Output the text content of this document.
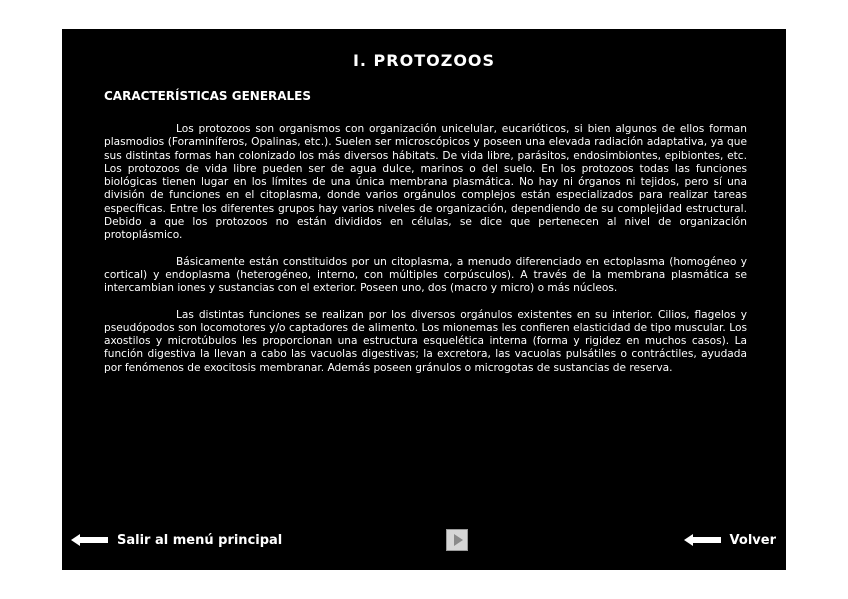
I. PROTOZOOS
CARACTERÍSTICAS GENERALES

Los protozoos son organismos con organización unicelular, eucarióticos, si bien algunos de ellos forman plasmodios (Foraminíferos, Opalinas, etc.). Suelen ser microscópicos y poseen una elevada radiación adaptativa, ya que sus distintas formas han colonizado los más diversos hábitats. De vida libre, parásitos, endosimbiontes, epibiontes, etc. Los protozoos de vida libre pueden ser de agua dulce, marinos o del suelo. En los protozoos todas las funciones biológicas tienen lugar en los límites de una única membrana plasmática. No hay ni órganos ni tejidos, pero sí una división de funciones en el citoplasma, donde varios orgánulos complejos están especializados para realizar tareas específicas. Entre los diferentes grupos hay varios niveles de organización, dependiendo de su complejidad estructural. Debido a que los protozoos no están divididos en células, se dice que pertenecen al nivel de organización protoplásmico.

Básicamente están constituidos por un citoplasma, a menudo diferenciado en ectoplasma (homogéneo y cortical) y endoplasma (heterogéneo, interno, con múltiples corpúsculos). A través de la membrana plasmática se intercambian iones y sustancias con el exterior. Poseen uno, dos (macro y micro) o más núcleos.

Las distintas funciones se realizan por los diversos orgánulos existentes en su interior. Cilios, flagelos y pseudópodos son locomotores y/o captadores de alimento. Los mionemas les confieren elasticidad de tipo muscular. Los axostilos y microtúbulos les proporcionan una estructura esquelética interna (forma y rigidez en muchos casos). La función digestiva la llevan a cabo las vacuolas digestivas; la excretora, las vacuolas pulsátiles o contráctiles, ayudada por fenómenos de exocitosis membranar. Además poseen gránulos o microgotas de sustancias de reserva.

Salir al menú principal	Volver
